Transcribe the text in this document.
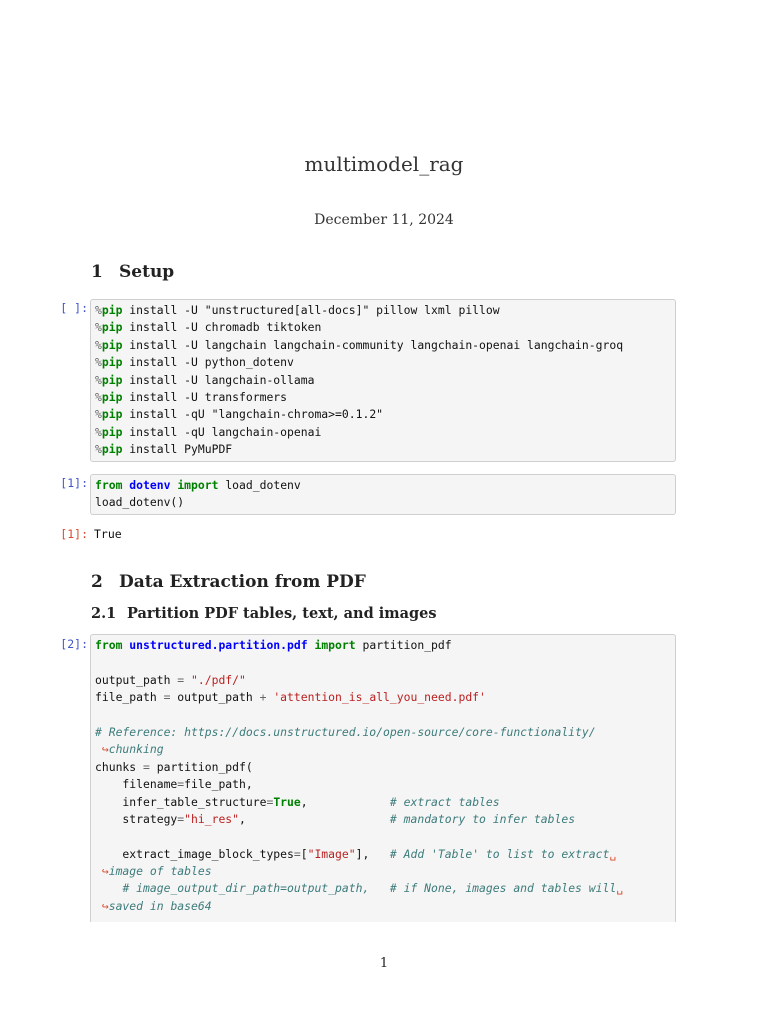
multimodel_rag
December 11, 2024
1 Setup
[ ]: %pip install -U "unstructured[all-docs]" pillow lxml pillow
%pip install -U chromadb tiktoken
%pip install -U langchain langchain-community langchain-openai langchain-groq
%pip install -U python_dotenv
%pip install -U langchain-ollama
%pip install -U transformers
%pip install -qU "langchain-chroma>=0.1.2"
%pip install -qU langchain-openai
%pip install PyMuPDF
[1]: from dotenv import load_dotenv
load_dotenv()
[1]: True
2 Data Extraction from PDF
2.1 Partition PDF tables, text, and images
[2]: from unstructured.partition.pdf import partition_pdf

output_path = "./pdf/"
file_path = output_path + 'attention_is_all_you_need.pdf'

# Reference: https://docs.unstructured.io/open-source/core-functionality/
↪chunking
chunks = partition_pdf(
filename=file_path,
infer_table_structure=True,            # extract tables
strategy="hi_res",                     # mandatory to infer tables

extract_image_block_types=["Image"],   # Add 'Table' to list to extract␣
↪image of tables
# image_output_dir_path=output_path,   # if None, images and tables will␣
↪saved in base64
1
